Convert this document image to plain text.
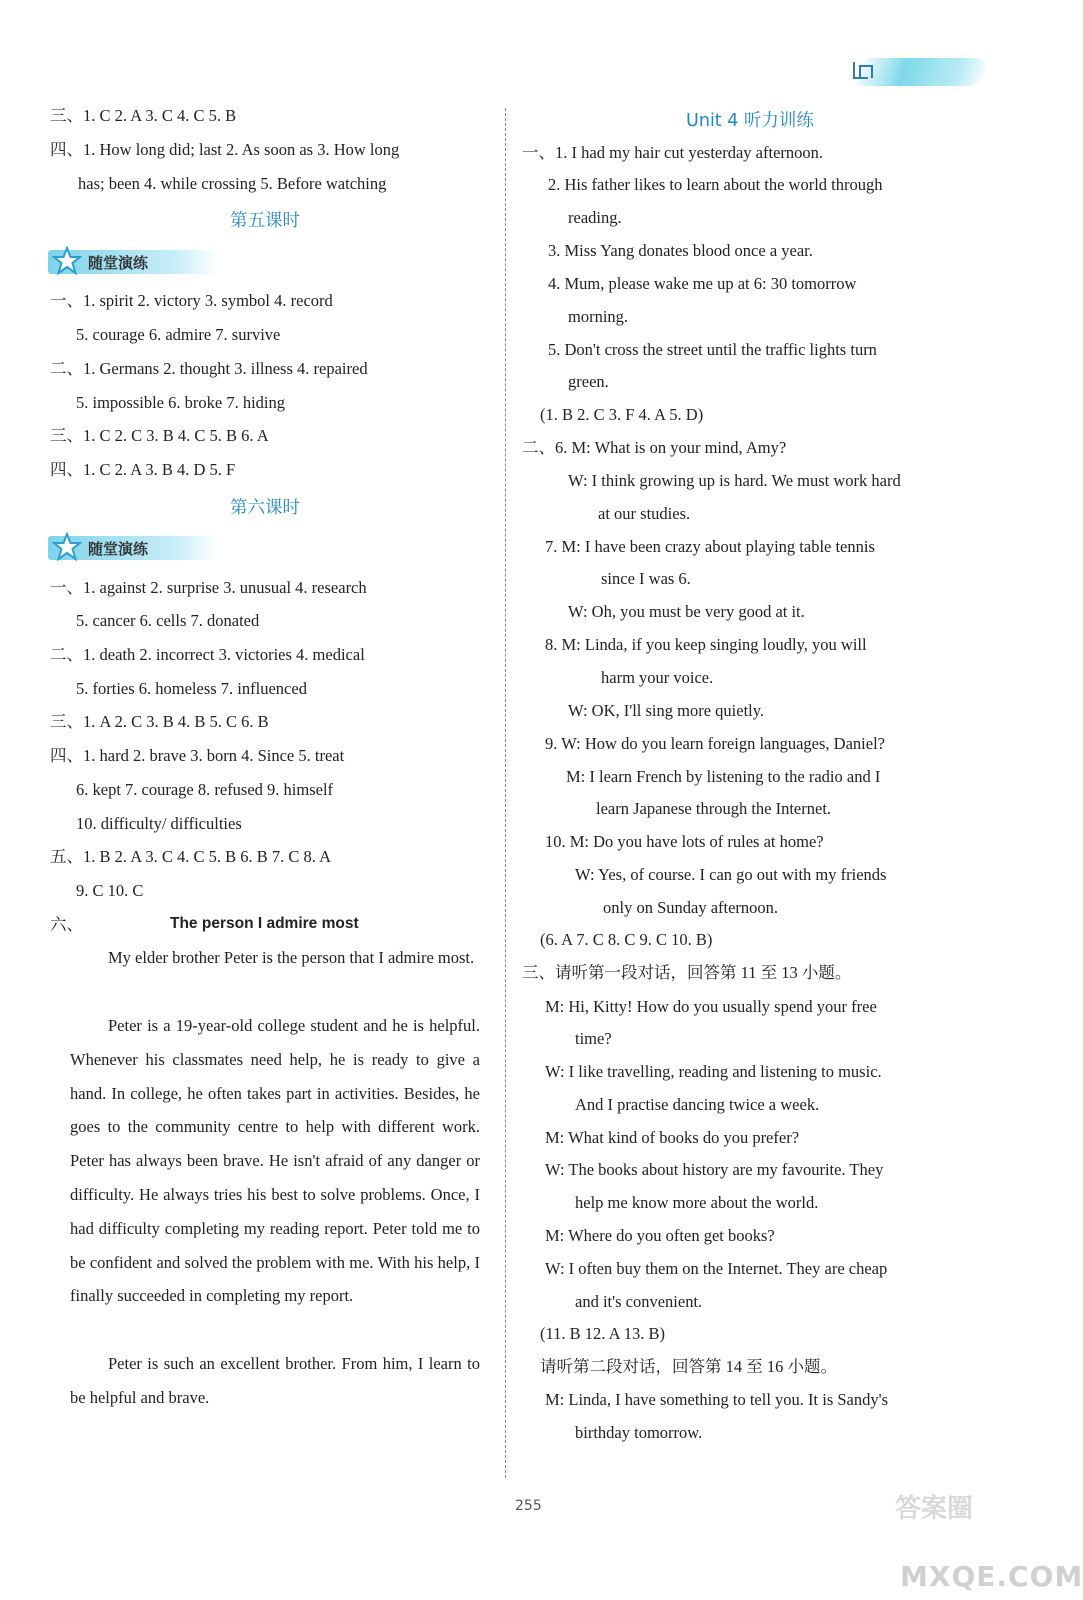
三、1. C 2. A 3. C 4. C 5. B
四、1. How long did; last 2. As soon as 3. How long
has; been 4. while crossing 5. Before watching
第五课时
随堂演练
一、1. spirit 2. victory 3. symbol 4. record
5. courage 6. admire 7. survive
二、1. Germans 2. thought 3. illness 4. repaired
5. impossible 6. broke 7. hiding
三、1. C 2. C 3. B 4. C 5. B 6. A
四、1. C 2. A 3. B 4. D 5. F
第六课时
随堂演练
一、1. against 2. surprise 3. unusual 4. research
5. cancer 6. cells 7. donated
二、1. death 2. incorrect 3. victories 4. medical
5. forties 6. homeless 7. influenced
三、1. A 2. C 3. B 4. B 5. C 6. B
四、1. hard 2. brave 3. born 4. Since 5. treat
6. kept 7. courage 8. refused 9. himself
10. difficulty/ difficulties
五、1. B 2. A 3. C 4. C 5. B 6. B 7. C 8. A
9. C 10. C
六、	The person I admire most
My elder brother Peter is the person that I admire most.
Peter is a 19-year-old college student and he is helpful. Whenever his classmates need help, he is ready to give a hand. In college, he often takes part in activities. Besides, he goes to the community centre to help with different work. Peter has always been brave. He isn't afraid of any danger or difficulty. He always tries his best to solve problems. Once, I had difficulty completing my reading report. Peter told me to be confident and solved the problem with me. With his help, I finally succeeded in completing my report.
Peter is such an excellent brother. From him, I learn to be helpful and brave.
Unit 4 听力训练
一、1. I had my hair cut yesterday afternoon.
2. His father likes to learn about the world through
reading.
3. Miss Yang donates blood once a year.
4. Mum, please wake me up at 6: 30 tomorrow
morning.
5. Don't cross the street until the traffic lights turn
green.
(1. B 2. C 3. F 4. A 5. D)
二、6. M: What is on your mind, Amy?
W: I think growing up is hard. We must work hard
at our studies.
7. M: I have been crazy about playing table tennis
since I was 6.
W: Oh, you must be very good at it.
8. M: Linda, if you keep singing loudly, you will
harm your voice.
W: OK, I'll sing more quietly.
9. W: How do you learn foreign languages, Daniel?
M: I learn French by listening to the radio and I
learn Japanese through the Internet.
10. M: Do you have lots of rules at home?
W: Yes, of course. I can go out with my friends
only on Sunday afternoon.
(6. A 7. C 8. C 9. C 10. B)
三、请听第一段对话，回答第 11 至 13 小题。
M: Hi, Kitty! How do you usually spend your free
time?
W: I like travelling, reading and listening to music.
And I practise dancing twice a week.
M: What kind of books do you prefer?
W: The books about history are my favourite. They
help me know more about the world.
M: Where do you often get books?
W: I often buy them on the Internet. They are cheap
and it's convenient.
(11. B 12. A 13. B)
请听第二段对话，回答第 14 至 16 小题。
M: Linda, I have something to tell you. It is Sandy's
birthday tomorrow.
255	答案圈
MXQE.COM
